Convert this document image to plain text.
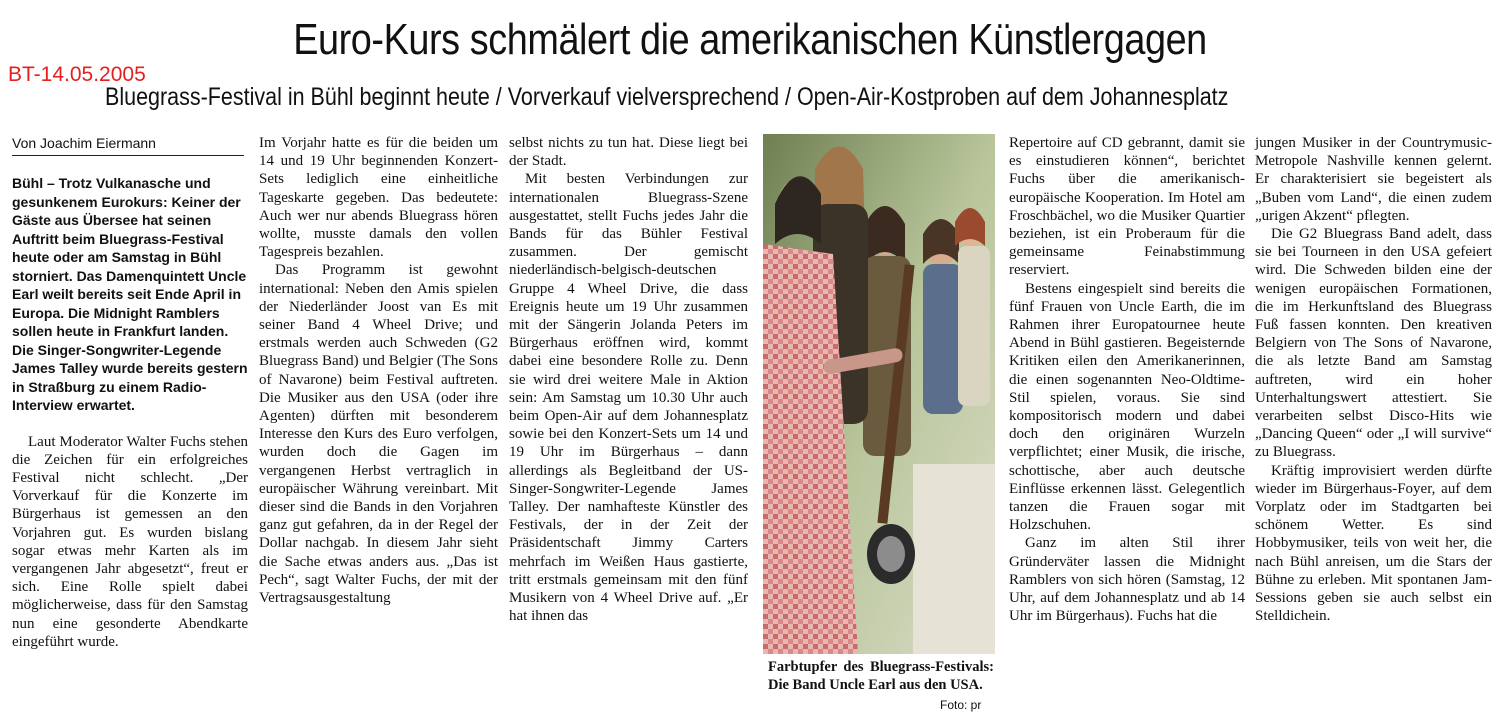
Euro-Kurs schmälert die amerikanischen Künstlergagen
BT-14.05.2005
Bluegrass-Festival in Bühl beginnt heute / Vorverkauf vielversprechend / Open-Air-Kostproben auf dem Johannesplatz
Von Joachim Eiermann

Bühl – Trotz Vulkanasche und gesunkenem Eurokurs: Keiner der Gäste aus Übersee hat seinen Auftritt beim Bluegrass-Festival heute oder am Samstag in Bühl storniert. Das Damenquintett Uncle Earl weilt bereits seit Ende April in Europa. Die Midnight Ramblers sollen heute in Frankfurt landen. Die Singer-Songwriter-Legende James Talley wurde bereits gestern in Straßburg zu einem Radio-Interview erwartet.

Laut Moderator Walter Fuchs stehen die Zeichen für ein erfolgreiches Festival nicht schlecht. „Der Vorverkauf für die Konzerte im Bürgerhaus ist gemessen an den Vorjahren gut. Es wurden bislang sogar etwas mehr Karten als im vergangenen Jahr abgesetzt“, freut er sich. Eine Rolle spielt dabei möglicherweise, dass für den Samstag nun eine gesonderte Abendkarte eingeführt wurde.

Im Vorjahr hatte es für die beiden um 14 und 19 Uhr beginnenden Konzert-Sets lediglich eine einheitliche Tageskarte gegeben. Das bedeutete: Auch wer nur abends Bluegrass hören wollte, musste damals den vollen Tagespreis bezahlen.

Das Programm ist gewohnt international: Neben den Amis spielen der Niederländer Joost van Es mit seiner Band 4 Wheel Drive; und erstmals werden auch Schweden (G2 Bluegrass Band) und Belgier (The Sons of Navarone) beim Festival auftreten. Die Musiker aus den USA (oder ihre Agenten) dürften mit besonderem Interesse den Kurs des Euro verfolgen, wurden doch die Gagen im vergangenen Herbst vertraglich in europäischer Währung vereinbart. Mit dieser sind die Bands in den Vorjahren ganz gut gefahren, da in der Regel der Dollar nachgab. In diesem Jahr sieht die Sache etwas anders aus. „Das ist Pech“, sagt Walter Fuchs, der mit der Vertragsausgestaltung

selbst nichts zu tun hat. Diese liegt bei der Stadt.

Mit besten Verbindungen zur internationalen Bluegrass-Szene ausgestattet, stellt Fuchs jedes Jahr die Bands für das Bühler Festival zusammen. Der gemischt niederländisch-belgisch-deutschen Gruppe 4 Wheel Drive, die dass Ereignis heute um 19 Uhr zusammen mit der Sängerin Jolanda Peters im Bürgerhaus eröffnen wird, kommt dabei eine besondere Rolle zu. Denn sie wird drei weitere Male in Aktion sein: Am Samstag um 10.30 Uhr auch beim Open-Air auf dem Johannesplatz sowie bei den Konzert-Sets um 14 und 19 Uhr im Bürgerhaus – dann allerdings als Begleitband der US-Singer-Songwriter-Legende James Talley. Der namhafteste Künstler des Festivals, der in der Zeit der Präsidentschaft Jimmy Carters mehrfach im Weißen Haus gastierte, tritt erstmals gemeinsam mit den fünf Musikern von 4 Wheel Drive auf. „Er hat ihnen das

Farbtupfer des Bluegrass-Festivals: Die Band Uncle Earl aus den USA.
Foto: pr

Repertoire auf CD gebrannt, damit sie es einstudieren können“, berichtet Fuchs über die amerikanisch-europäische Kooperation. Im Hotel am Froschbächel, wo die Musiker Quartier beziehen, ist ein Proberaum für die gemeinsame Feinabstimmung reserviert.

Bestens eingespielt sind bereits die fünf Frauen von Uncle Earth, die im Rahmen ihrer Europatournee heute Abend in Bühl gastieren. Begeisternde Kritiken eilen den Amerikanerinnen, die einen sogenannten Neo-Oldtime-Stil spielen, voraus. Sie sind kompositorisch modern und dabei doch den originären Wurzeln verpflichtet; einer Musik, die irische, schottische, aber auch deutsche Einflüsse erkennen lässt. Gelegentlich tanzen die Frauen sogar mit Holzschuhen.

Ganz im alten Stil ihrer Gründerväter lassen die Midnight Ramblers von sich hören (Samstag, 12 Uhr, auf dem Johannesplatz und ab 14 Uhr im Bürgerhaus). Fuchs hat die

jungen Musiker in der Countrymusic-Metropole Nashville kennen gelernt. Er charakterisiert sie begeistert als „Buben vom Land“, die einen zudem „urigen Akzent“ pflegten.

Die G2 Bluegrass Band adelt, dass sie bei Tourneen in den USA gefeiert wird. Die Schweden bilden eine der wenigen europäischen Formationen, die im Herkunftsland des Bluegrass Fuß fassen konnten. Den kreativen Belgiern von The Sons of Navarone, die als letzte Band am Samstag auftreten, wird ein hoher Unterhaltungswert attestiert. Sie verarbeiten selbst Disco-Hits wie „Dancing Queen“ oder „I will survive“ zu Bluegrass.

Kräftig improvisiert werden dürfte wieder im Bürgerhaus-Foyer, auf dem Vorplatz oder im Stadtgarten bei schönem Wetter. Es sind Hobbymusiker, teils von weit her, die nach Bühl anreisen, um die Stars der Bühne zu erleben. Mit spontanen Jam-Sessions geben sie auch selbst ein Stelldichein.
